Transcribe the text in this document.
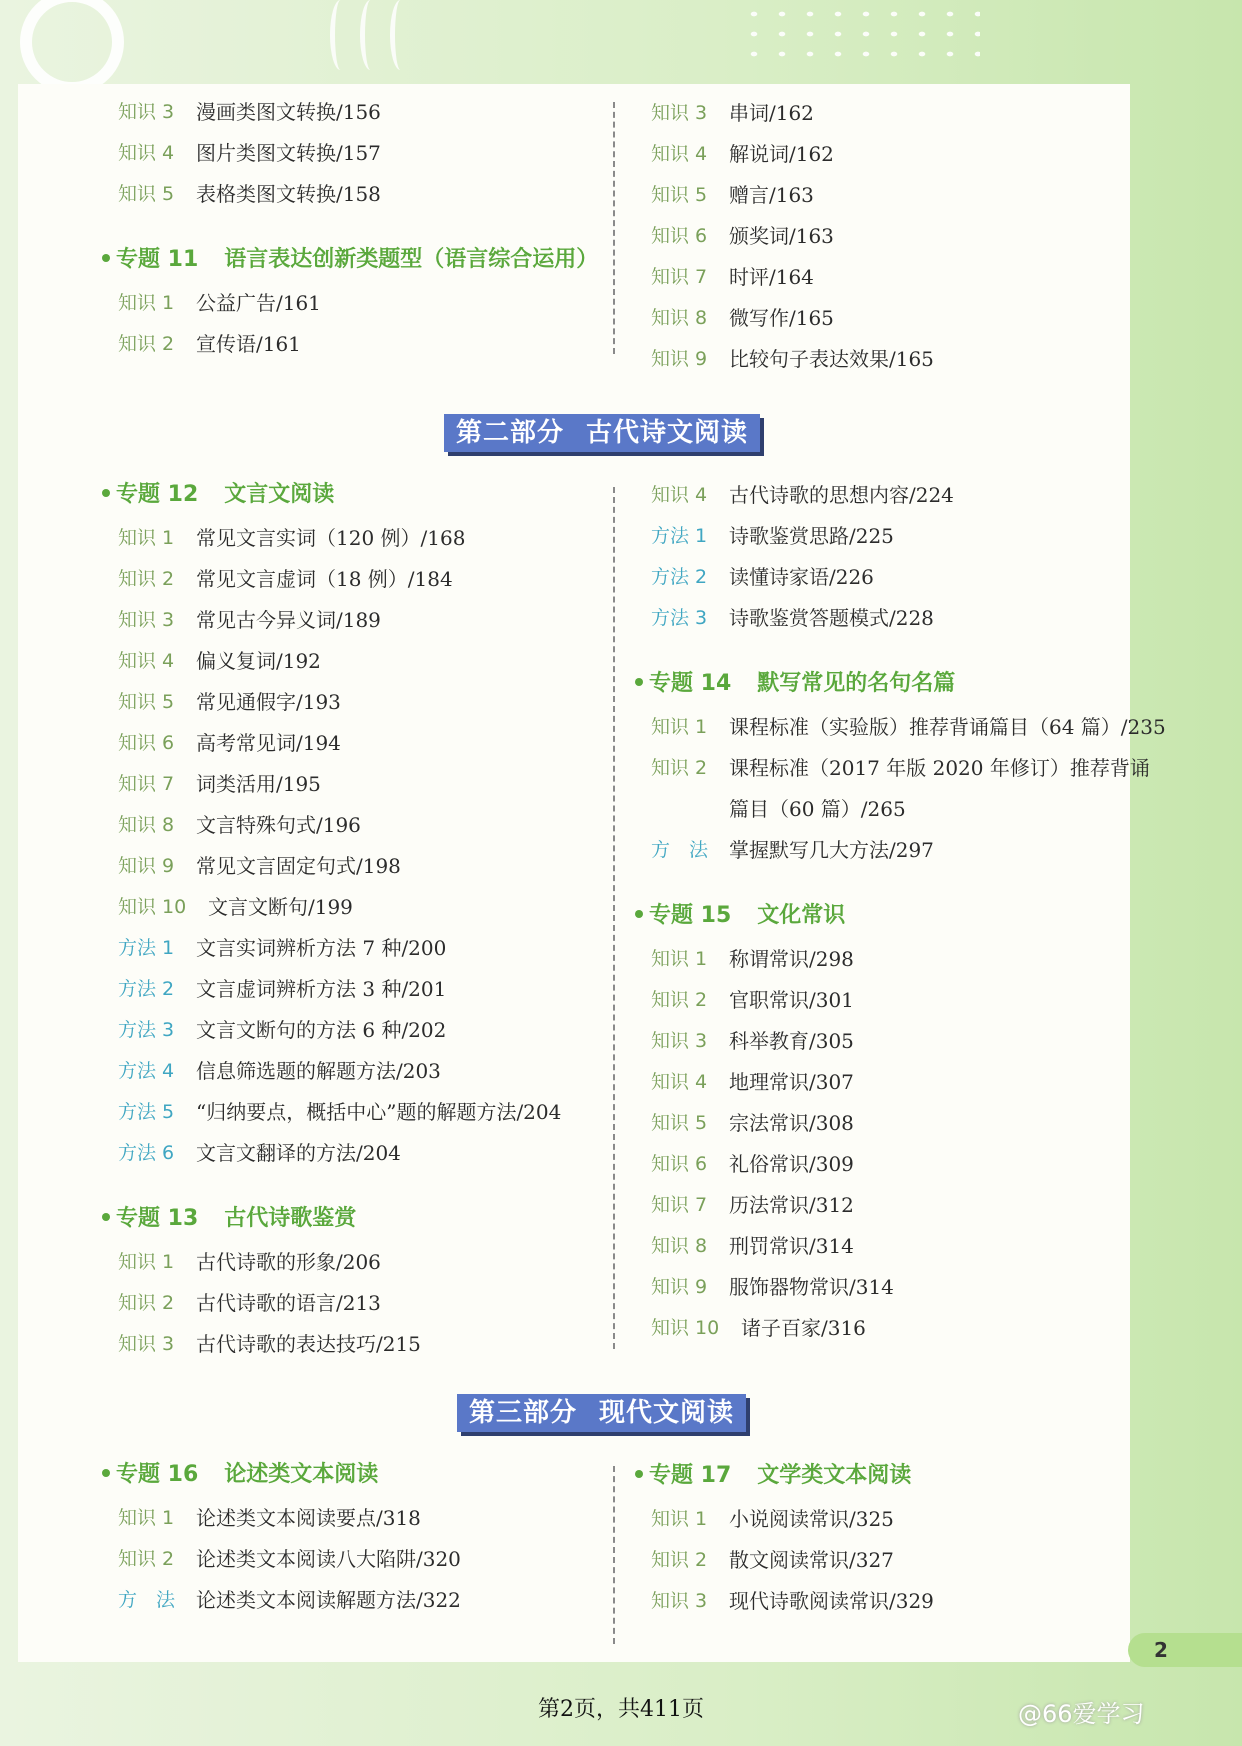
知识 3 漫画类图文转换/156
知识 4 图片类图文转换/157
知识 5 表格类图文转换/158
专题 11 语言表达创新类题型（语言综合运用）
知识 1 公益广告/161
知识 2 宣传语/161
知识 3 串词/162
知识 4 解说词/162
知识 5 赠言/163
知识 6 颁奖词/163
知识 7 时评/164
知识 8 微写作/165
知识 9 比较句子表达效果/165
第二部分 古代诗文阅读
专题 12 文言文阅读
知识 1 常见文言实词（120 例）/168
知识 2 常见文言虚词（18 例）/184
知识 3 常见古今异义词/189
知识 4 偏义复词/192
知识 5 常见通假字/193
知识 6 高考常见词/194
知识 7 词类活用/195
知识 8 文言特殊句式/196
知识 9 常见文言固定句式/198
知识 10 文言文断句/199
方法 1 文言实词辨析方法 7 种/200
方法 2 文言虚词辨析方法 3 种/201
方法 3 文言文断句的方法 6 种/202
方法 4 信息筛选题的解题方法/203
方法 5 “归纳要点，概括中心”题的解题方法/204
方法 6 文言文翻译的方法/204
专题 13 古代诗歌鉴赏
知识 1 古代诗歌的形象/206
知识 2 古代诗歌的语言/213
知识 3 古代诗歌的表达技巧/215
知识 4 古代诗歌的思想内容/224
方法 1 诗歌鉴赏思路/225
方法 2 读懂诗家语/226
方法 3 诗歌鉴赏答题模式/228
专题 14 默写常见的名句名篇
知识 1 课程标准（实验版）推荐背诵篇目（64 篇）/235
知识 2 课程标准（2017 年版 2020 年修订）推荐背诵
篇目（60 篇）/265
方　法 掌握默写几大方法/297
专题 15 文化常识
知识 1 称谓常识/298
知识 2 官职常识/301
知识 3 科举教育/305
知识 4 地理常识/307
知识 5 宗法常识/308
知识 6 礼俗常识/309
知识 7 历法常识/312
知识 8 刑罚常识/314
知识 9 服饰器物常识/314
知识 10 诸子百家/316
第三部分 现代文阅读
专题 16 论述类文本阅读
知识 1 论述类文本阅读要点/318
知识 2 论述类文本阅读八大陷阱/320
方　法 论述类文本阅读解题方法/322
专题 17 文学类文本阅读
知识 1 小说阅读常识/325
知识 2 散文阅读常识/327
知识 3 现代诗歌阅读常识/329
2
第2页，共411页	@66爱学习
